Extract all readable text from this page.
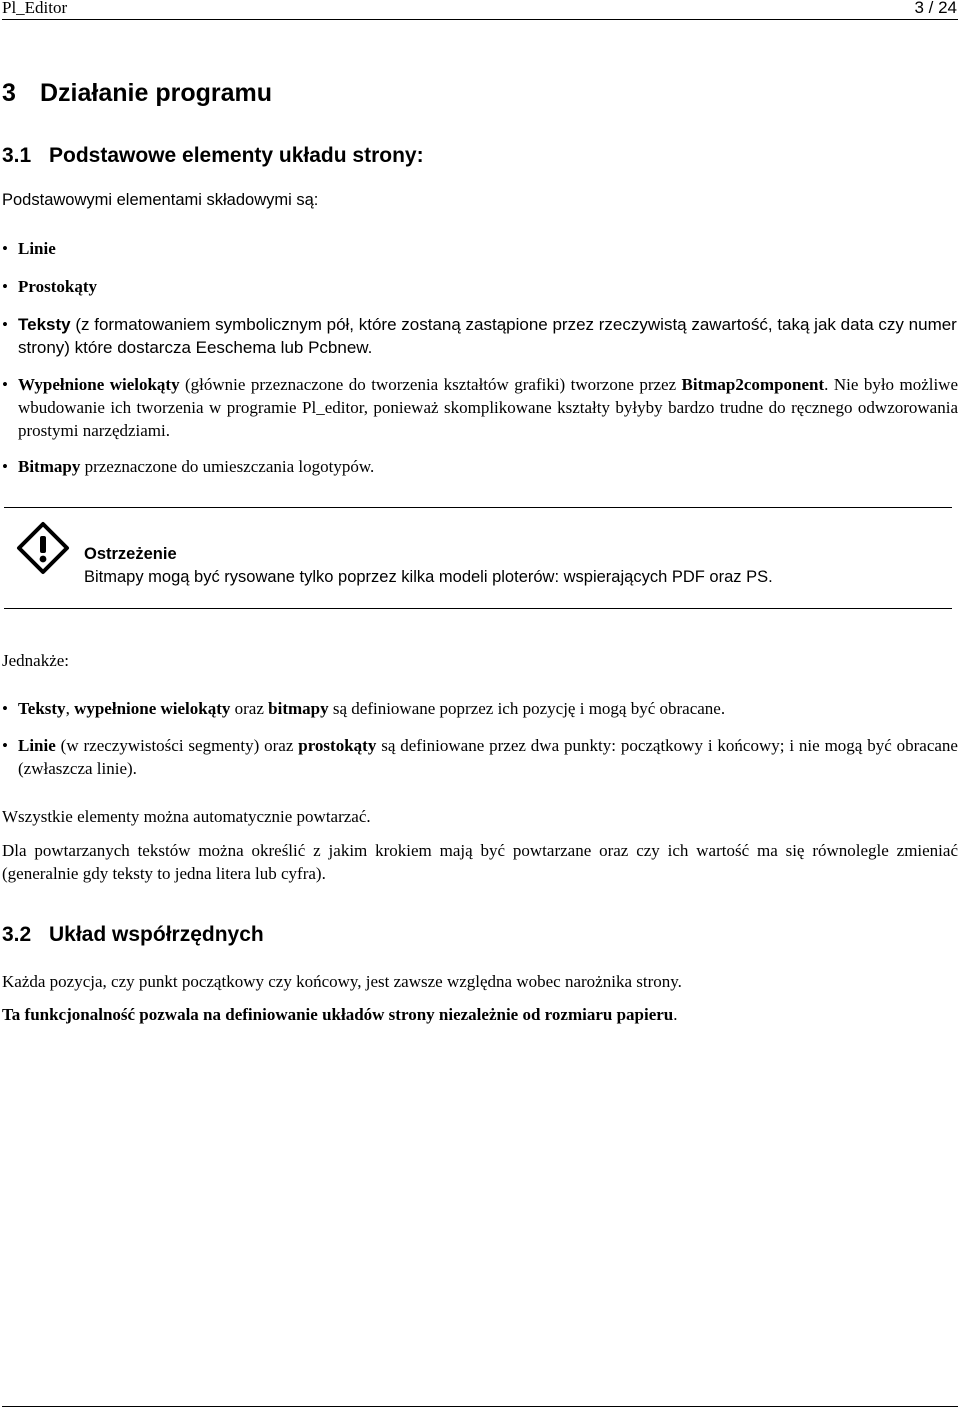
Pl_Editor	3 / 24
3 Działanie programu
3.1 Podstawowe elementy układu strony:
Podstawowymi elementami składowymi są:
• Linie
• Prostokąty
• Teksty (z formatowaniem symbolicznym pół, które zostaną zastąpione przez rzeczywistą zawartość, taką jak data czy numer strony) które dostarcza Eeschema lub Pcbnew.
• Wypełnione wielokąty (głównie przeznaczone do tworzenia kształtów grafiki) tworzone przez Bitmap2component. Nie było możliwe wbudowanie ich tworzenia w programie Pl_editor, ponieważ skomplikowane kształty byłyby bardzo trudne do ręcznego odwzorowania prostymi narzędziami.
• Bitmapy przeznaczone do umieszczania logotypów.
Ostrzeżenie
Bitmapy mogą być rysowane tylko poprzez kilka modeli ploterów: wspierających PDF oraz PS.
Jednakże:
• Teksty, wypełnione wielokąty oraz bitmapy są definiowane poprzez ich pozycję i mogą być obracane.
• Linie (w rzeczywistości segmenty) oraz prostokąty są definiowane przez dwa punkty: początkowy i końcowy; i nie mogą być obracane (zwłaszcza linie).
Wszystkie elementy można automatycznie powtarzać.
Dla powtarzanych tekstów można określić z jakim krokiem mają być powtarzane oraz czy ich wartość ma się równolegle zmieniać (generalnie gdy teksty to jedna litera lub cyfra).
3.2 Układ współrzędnych
Każda pozycja, czy punkt początkowy czy końcowy, jest zawsze względna wobec narożnika strony.
Ta funkcjonalność pozwala na definiowanie układów strony niezależnie od rozmiaru papieru.
